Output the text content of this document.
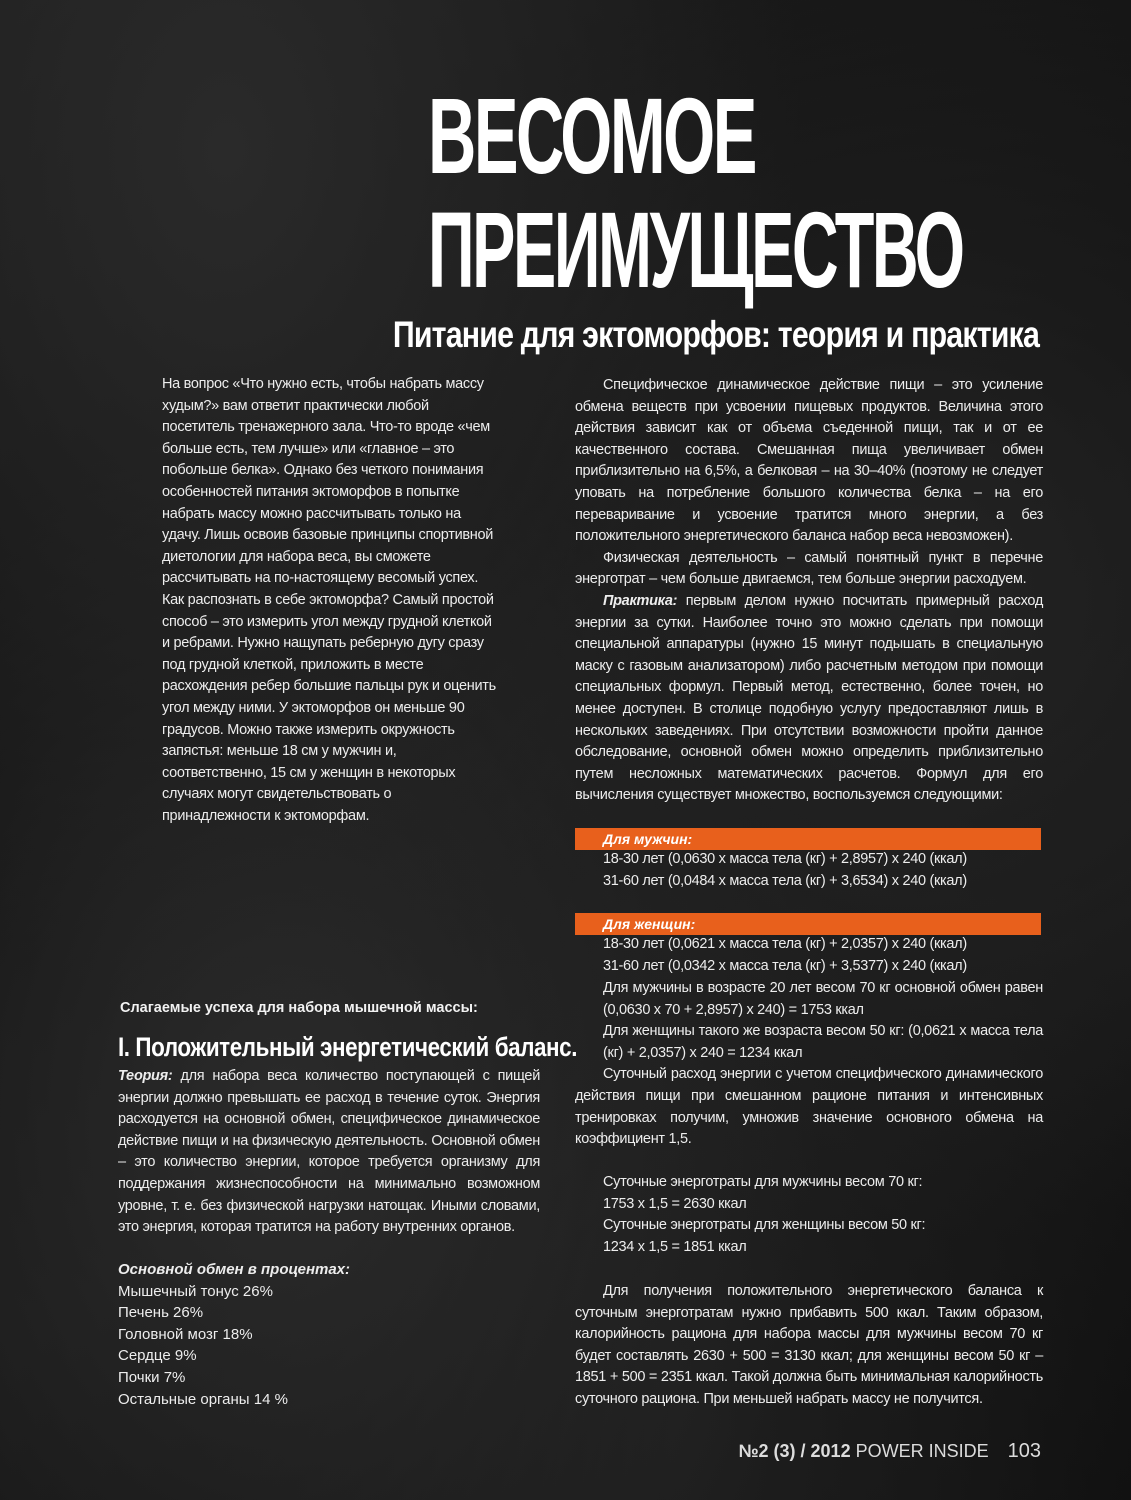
ВЕСОМОЕ
ПРЕИМУЩЕСТВО
Питание для эктоморфов: теория и практика

На вопрос «Что нужно есть, чтобы набрать массу худым?» вам ответит практически любой посетитель тренажерного зала. Что-то вроде «чем больше есть, тем лучше» или «главное – это побольше белка». Однако без четкого понимания особенностей питания эктоморфов в попытке набрать массу можно рассчитывать только на удачу. Лишь освоив базовые принципы спортивной диетологии для набора веса, вы сможете рассчитывать на по-настоящему весомый успех.

Как распознать в себе эктоморфа? Самый простой способ – это измерить угол между грудной клеткой и ребрами. Нужно нащупать реберную дугу сразу под грудной клеткой, приложить в месте расхождения ребер большие пальцы рук и оценить угол между ними. У эктоморфов он меньше 90 градусов. Можно также измерить окружность запястья: меньше 18 см у мужчин и, соответственно, 15 см у женщин в некоторых случаях могут свидетельствовать о принадлежности к эктоморфам.

Специфическое динамическое действие пищи – это усиление обмена веществ при усвоении пищевых продуктов. Величина этого действия зависит как от объема съеденной пищи, так и от ее качественного состава. Смешанная пища увеличивает обмен приблизительно на 6,5%, а белковая – на 30–40% (поэтому не следует уповать на потребление большого количества белка – на его переваривание и усвоение тратится много энергии, а без положительного энергетического баланса набор веса невозможен).

Физическая деятельность – самый понятный пункт в перечне энерготрат – чем больше двигаемся, тем больше энергии расходуем.

Практика: первым делом нужно посчитать примерный расход энергии за сутки. Наиболее точно это можно сделать при помощи специальной аппаратуры (нужно 15 минут подышать в специальную маску с газовым анализатором) либо расчетным методом при помощи специальных формул. Первый метод, естественно, более точен, но менее доступен. В столице подобную услугу предоставляют лишь в нескольких заведениях. При отсутствии возможности пройти данное обследование, основной обмен можно определить приблизительно путем несложных математических расчетов. Формул для его вычисления существует множество, воспользуемся следующими:

Для мужчин:
18-30 лет (0,0630 х масса тела (кг) + 2,8957) х 240 (ккал)
31-60 лет (0,0484 х масса тела (кг) + 3,6534) х 240 (ккал)
Для женщин:
18-30 лет (0,0621 х масса тела (кг) + 2,0357) х 240 (ккал)
31-60 лет (0,0342 х масса тела (кг) + 3,5377) х 240 (ккал)

Для мужчины в возрасте 20 лет весом 70 кг основной обмен равен (0,0630 х 70 + 2,8957) х 240) = 1753 ккал

Для женщины такого же возраста весом 50 кг: (0,0621 х масса тела (кг) + 2,0357) х 240 = 1234 ккал

Суточный расход энергии с учетом специфического динамического действия пищи при смешанном рационе питания и интенсивных тренировках получим, умножив значение основного обмена на коэффициент 1,5.

Суточные энерготраты для мужчины весом 70 кг:
1753 х 1,5 = 2630 ккал
Суточные энерготраты для женщины весом 50 кг:
1234 х 1,5 = 1851 ккал

Для получения положительного энергетического баланса к суточным энерготратам нужно прибавить 500 ккал. Таким образом, калорийность рациона для набора массы для мужчины весом 70 кг будет составлять 2630 + 500 = 3130 ккал; для женщины весом 50 кг – 1851 + 500 = 2351 ккал. Такой должна быть минимальная калорийность суточного рациона. При меньшей набрать массу не получится.

Слагаемые успеха для набора мышечной массы:
I. Положительный энергетический баланс.

Теория: для набора веса количество поступающей с пищей энергии должно превышать ее расход в течение суток. Энергия расходуется на основной обмен, специфическое динамическое действие пищи и на физическую деятельность. Основной обмен – это количество энергии, которое требуется организму для поддержания жизнеспособности на минимально возможном уровне, т. е. без физической нагрузки натощак. Иными словами, это энергия, которая тратится на работу внутренних органов.

Основной обмен в процентах:
Мышечный тонус 26%
Печень 26%
Головной мозг 18%
Сердце 9%
Почки 7%
Остальные органы 14 %
№2 (3) / 2012 POWER INSIDE 103
